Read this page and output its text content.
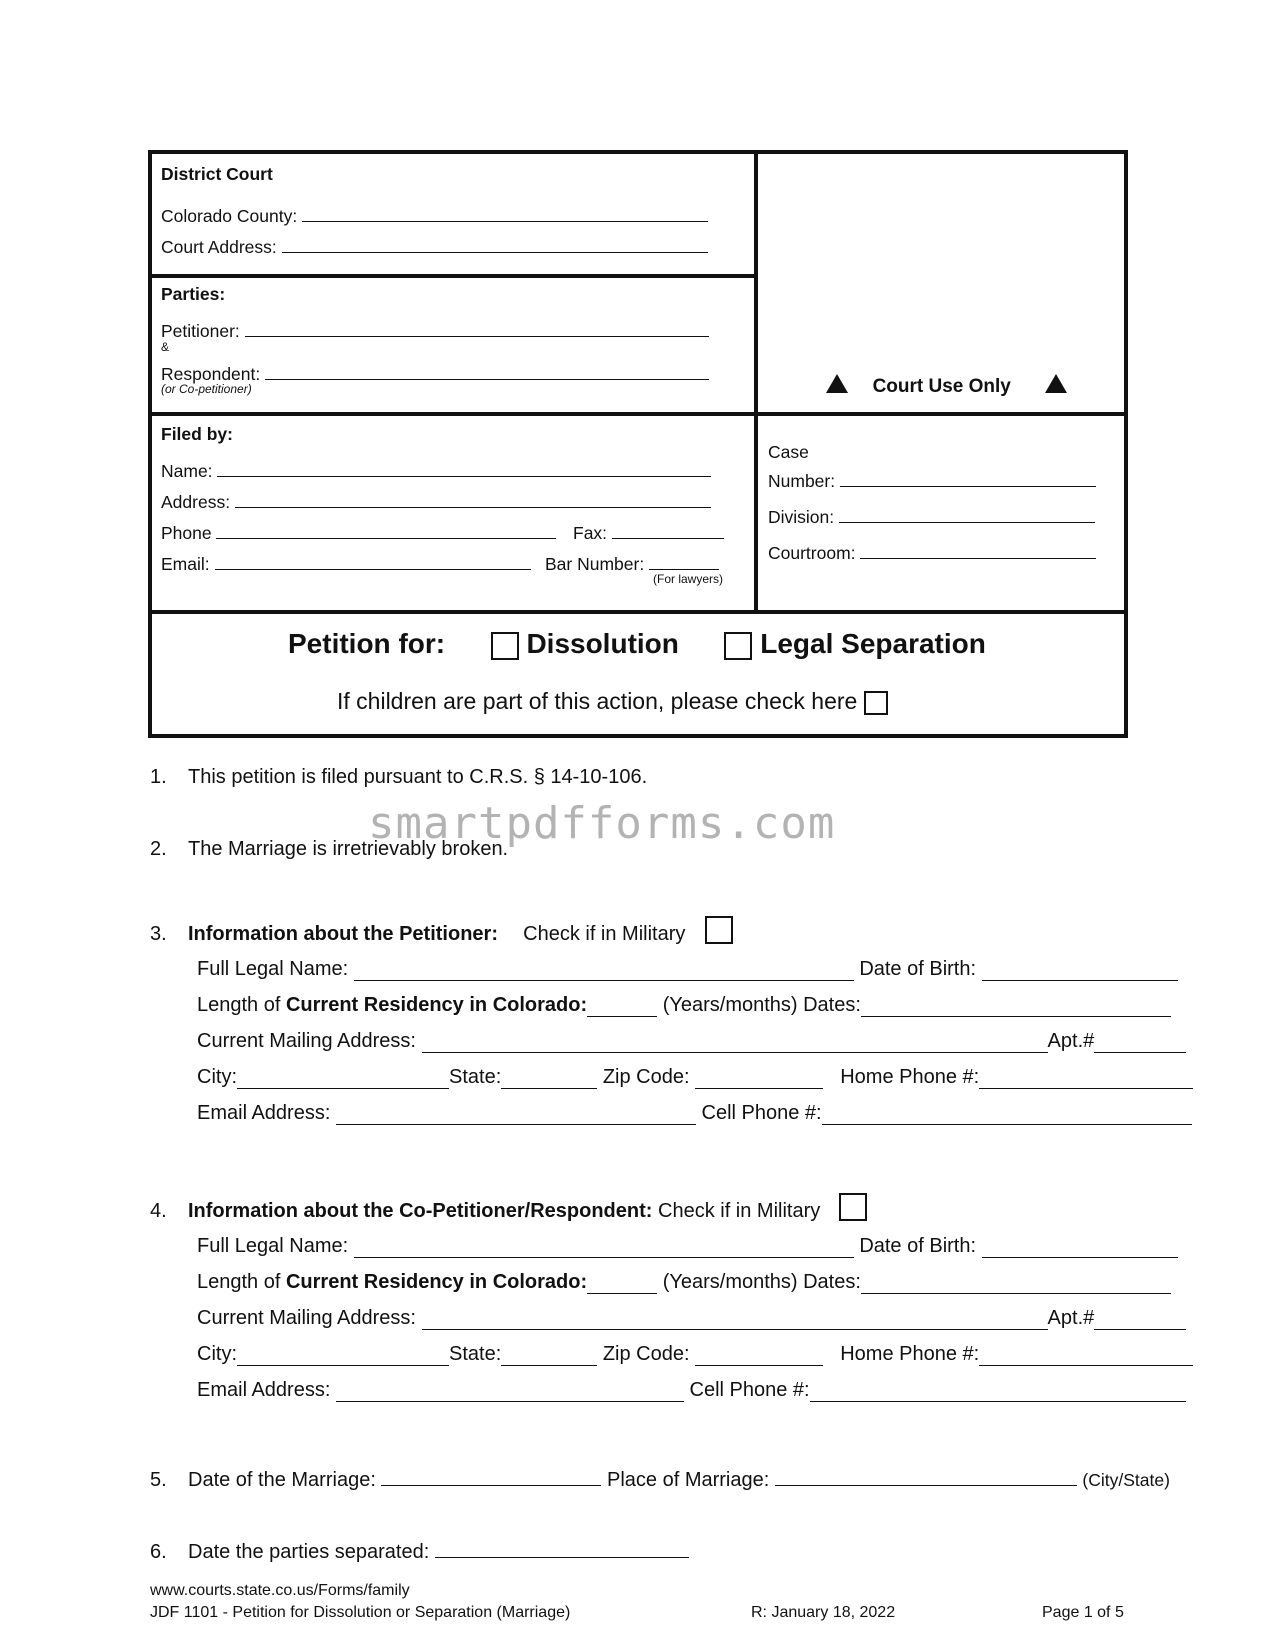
District Court
Colorado County:
Court Address:
Parties:
Petitioner:
&
Respondent:
(or Co-petitioner)	Court Use Only
Filed by:
Name:
Address:
Phone	Fax:
Email:	Bar Number:
(For lawyers)
Case
Number:
Division:
Courtroom:
Petition for:	Dissolution	Legal Separation
If children are part of this action, please check here
1. This petition is filed pursuant to C.R.S. § 14-10-106.
2. The Marriage is irretrievably broken.
smartpdfforms.com
3. Information about the Petitioner: Check if in Military
Full Legal Name:	Date of Birth:
Length of Current Residency in Colorado:	(Years/months) Dates:
Current Mailing Address:	Apt.#
City:	State:	Zip Code:	Home Phone #:
Email Address:	Cell Phone #:
4. Information about the Co-Petitioner/Respondent: Check if in Military
Full Legal Name:	Date of Birth:
Length of Current Residency in Colorado:	(Years/months) Dates:
Current Mailing Address:	Apt.#
City:	State:	Zip Code:	Home Phone #:
Email Address:	Cell Phone #:
5. Date of the Marriage:	Place of Marriage:	(City/State)
6. Date the parties separated:
www.courts.state.co.us/Forms/family
JDF 1101 - Petition for Dissolution or Separation (Marriage)	R: January 18, 2022	Page 1 of 5
